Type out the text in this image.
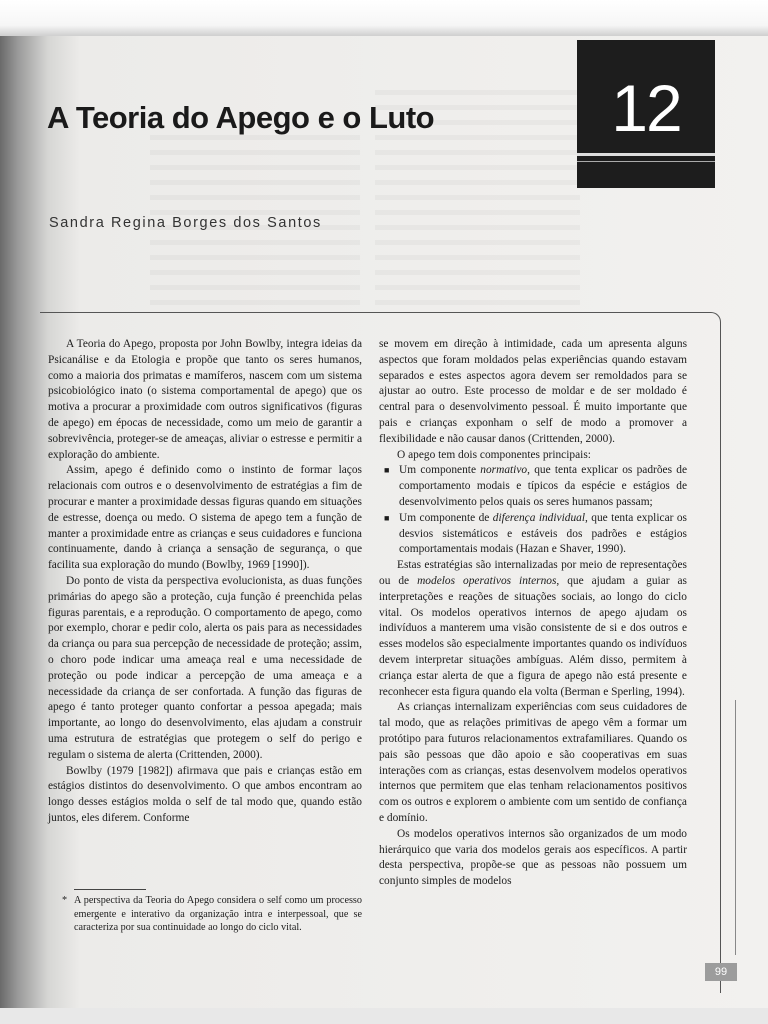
12
A Teoria do Apego e o Luto

Sandra Regina Borges dos Santos

A Teoria do Apego, proposta por John Bowlby, integra ideias da Psicanálise e da Etologia e propõe que tanto os seres humanos, como a maioria dos primatas e mamíferos, nascem com um sistema psicobiológico inato (o sistema comportamental de apego) que os motiva a procurar a proximidade com outros significativos (figuras de apego) em épocas de necessidade, como um meio de garantir a sobrevivência, proteger-se de ameaças, aliviar o estresse e permitir a exploração do ambiente.

Assim, apego é definido como o instinto de formar laços relacionais com outros e o desenvolvimento de estratégias a fim de procurar e manter a proximidade dessas figuras quando em situações de estresse, doença ou medo. O sistema de apego tem a função de manter a proximidade entre as crianças e seus cuidadores e funciona continuamente, dando à criança a sensação de segurança, o que facilita sua exploração do mundo (Bowlby, 1969 [1990]).

Do ponto de vista da perspectiva evolucionista, as duas funções primárias do apego são a proteção, cuja função é preenchida pelas figuras parentais, e a reprodução. O comportamento de apego, como por exemplo, chorar e pedir colo, alerta os pais para as necessidades da criança ou para sua percepção de necessidade de proteção; assim, o choro pode indicar uma ameaça real e uma necessidade de proteção ou pode indicar a percepção de uma ameaça e a necessidade da criança de ser confortada. A função das figuras de apego é tanto proteger quanto confortar a pessoa apegada; mais importante, ao longo do desenvolvimento, elas ajudam a construir uma estrutura de estratégias que protegem o self do perigo e regulam o sistema de alerta (Crittenden, 2000).

Bowlby (1979 [1982]) afirmava que pais e crianças estão em estágios distintos do desenvolvimento. O que ambos encontram ao longo desses estágios molda o self de tal modo que, quando estão juntos, eles diferem. Conforme

se movem em direção à intimidade, cada um apresenta alguns aspectos que foram moldados pelas experiências quando estavam separados e estes aspectos agora devem ser remoldados para se ajustar ao outro. Este processo de moldar e de ser moldado é central para o desenvolvimento pessoal. É muito importante que pais e crianças exponham o self de modo a promover a flexibilidade e não causar danos (Crittenden, 2000).

O apego tem dois componentes principais:

■ Um componente normativo, que tenta explicar os padrões de comportamento modais e típicos da espécie e estágios de desenvolvimento pelos quais os seres humanos passam;
■ Um componente de diferença individual, que tenta explicar os desvios sistemáticos e estáveis dos padrões e estágios comportamentais modais (Hazan e Shaver, 1990).

Estas estratégias são internalizadas por meio de representações ou de modelos operativos internos, que ajudam a guiar as interpretações e reações de situações sociais, ao longo do ciclo vital. Os modelos operativos internos de apego ajudam os indivíduos a manterem uma visão consistente de si e dos outros e esses modelos são especialmente importantes quando os indivíduos devem interpretar situações ambíguas. Além disso, permitem à criança estar alerta de que a figura de apego não está presente e reconhecer esta figura quando ela volta (Berman e Sperling, 1994).

As crianças internalizam experiências com seus cuidadores de tal modo, que as relações primitivas de apego vêm a formar um protótipo para futuros relacionamentos extrafamiliares. Quando os pais são pessoas que dão apoio e são cooperativas em suas interações com as crianças, estas desenvolvem modelos operativos internos que permitem que elas tenham relacionamentos positivos com os outros e explorem o ambiente com um sentido de confiança e domínio.

Os modelos operativos internos são organizados de um modo hierárquico que varia dos modelos gerais aos específicos. A partir desta perspectiva, propõe-se que as pessoas não possuem um conjunto simples de modelos

* A perspectiva da Teoria do Apego considera o self como um processo emergente e interativo da organização intra e interpessoal, que se caracteriza por sua continuidade ao longo do ciclo vital.
99
